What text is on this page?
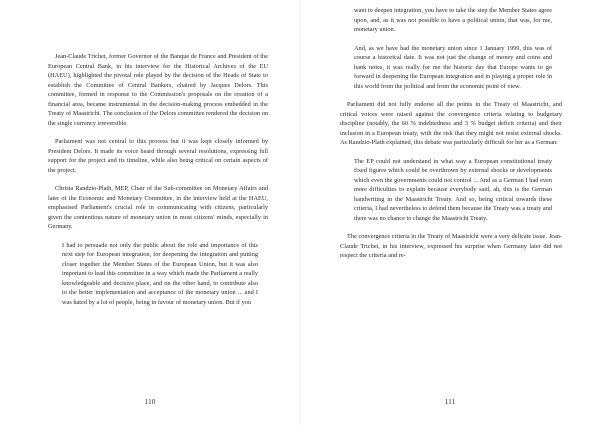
Jean-Claude Trichet, former Governor of the Banque de France and President of the European Central Bank, in his interview for the Historical Archives of the EU (HAEU), highlighted the pivotal role played by the decision of the Heads of State to establish the Committee of Central Bankers, chaired by Jacques Delors. This committee, formed in response to the Commission's proposals on the creation of a financial area, became instrumental in the decision-making process embedded in the Treaty of Maastricht. The conclusion of the Delors committee rendered the decision on the single currency irreversible.

Parliament was not central to this process but it was kept closely informed by President Delors. It made its voice heard through several resolutions, expressing full support for the project and its timeline, while also being critical on certain aspects of the project.

Christa Randzio-Plath, MEP, Chair of the Sub-committee on Monetary Affairs and later of the Economic and Monetary Committee, in the interview held at the HAEU, emphasised Parliament's crucial role in communicating with citizens, particularly given the contentious nature of monetary union in most citizens' minds, especially in Germany.

I had to persuade not only the public about the role and importance of this next step for European integration, for deepening the integration and putting closer together the Member States of the European Union, but it was also important to lead this committee in a way which made the Parliament a really knowledgeable and decisive place, and on the other hand, to contribute also to the better implementation and acceptance of the monetary union ... and I was hated by a lot of people, being in favour of monetary union. But if you
110
want to deepen integration, you have to take the step the Member States agree upon, and, as it was not possible to have a political union, that was, for me, monetary union.
And, as we have had the monetary union since 1 January 1999, this was of course a historical date. It was not just the change of money and coins and bank notes, it was really for me the historic day that Europe wants to go forward in deepening the European integration and in playing a proper role in this world from the political and from the economic point of view.

Parliament did not fully endorse all the points in the Treaty of Maastricht, and critical voices were raised against the convergence criteria relating to budgetary discipline (notably, the 60 % indebtedness and 3 % budget deficit criteria) and their inclusion in a European treaty, with the risk that they might not resist external shocks. As Randzio-Plath explained, this debate was particularly difficult for her as a German:

The EP could not understand in what way a European constitutional treaty fixed figures which could be overthrown by external shocks or developments which even the governments could not control ... And as a German I had even more difficulties to explain because everybody said, ah, this is the German handwriting in the Maastricht Treaty. And so, being critical towards these criteria, I had nevertheless to defend them because the Treaty was a treaty and there was no chance to change the Maastricht Treaty.

The convergence criteria in the Treaty of Maastricht were a very delicate issue. Jean-Claude Trichet, in his interview, expressed his surprise when Germany later did not respect the criteria and re-

111
